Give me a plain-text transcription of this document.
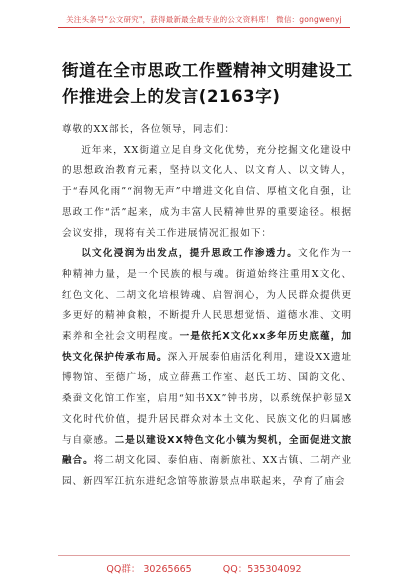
关注头条号"公文研究"，获得最新最全最专业的公文资料库！ 微信：gongwenyj
街道在全市思政工作暨精神文明建设工作推进会上的发言(2163字)

尊敬的XX部长，各位领导，同志们：

近年来，XX街道立足自身文化优势，充分挖掘文化建设中的思想政治教育元素，坚持以文化人、以文育人、以文铸人，于“春风化雨”“润物无声”中增进文化自信、厚植文化自强，让思政工作“活”起来，成为丰富人民精神世界的重要途径。根据会议安排，现将有关工作进展情况汇报如下：

以文化浸润为出发点，提升思政工作渗透力。文化作为一种精神力量，是一个民族的根与魂。街道始终注重用X文化、红色文化、二胡文化培根铸魂、启智润心，为人民群众提供更多更好的精神食粮，不断提升人民思想觉悟、道德水准、文明素养和全社会文明程度。一是依托X文化xx多年历史底蕴，加快文化保护传承布局。深入开展泰伯庙活化利用，建设XX遗址博物馆、至德广场，成立薛燕工作室、赵氏工坊、国韵文化、桑蚕文化馆工作室，启用“知书XX”钟书房，以系统保护彰显X文化时代价值，提升居民群众对本土文化、民族文化的归属感与自豪感。二是以建设XX特色文化小镇为契机，全面促进文旅融合。将二胡文化园、泰伯庙、南新旅社、XX古镇、二胡产业园、新四军江抗东进纪念馆等旅游景点串联起来，孕育了庙会

QQ群： 30265665	QQ：535304092
